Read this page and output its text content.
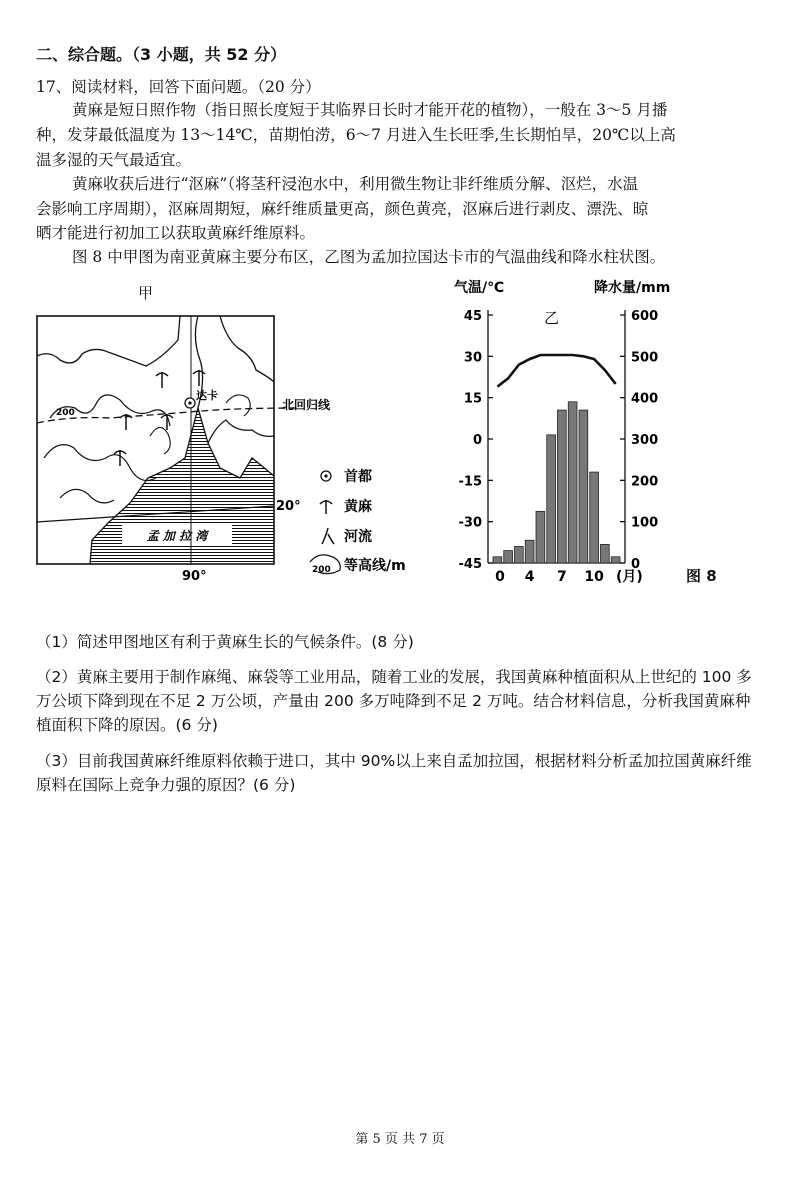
二、综合题。（3 小题，共 52 分）
17、阅读材料，回答下面问题。（20 分）
黄麻是短日照作物（指日照长度短于其临界日长时才能开花的植物），一般在 3～5 月播
种，发芽最低温度为 13～14℃，苗期怕涝，6～7 月进入生长旺季,生长期怕旱，20℃以上高
温多湿的天气最适宜。
黄麻收获后进行“沤麻”（将茎秆浸泡水中，利用微生物让非纤维质分解、沤烂，水温
会影响工序周期），沤麻周期短，麻纤维质量更高，颜色黄亮，沤麻后进行剥皮、漂洗、晾
晒才能进行初加工以获取黄麻纤维原料。
图 8 中甲图为南亚黄麻主要分布区，乙图为孟加拉国达卡市的气温曲线和降水柱状图。
甲
孟 加 拉 湾
北回归线
200
90°
20°
达卡
首都
黄麻
河流
200 等高线/m
气温/℃	降水量/mm
乙
45
30
15
0
-15
-30
-45
600
500
400
300
200
100
0
0 4 7 10 (月)	图 8
（1）简述甲图地区有利于黄麻生长的气候条件。(8 分)
（2）黄麻主要用于制作麻绳、麻袋等工业用品，随着工业的发展，我国黄麻种植面积从上世纪的 100 多万公顷下降到现在不足 2 万公顷，产量由 200 多万吨降到不足 2 万吨。结合材料信息，分析我国黄麻种植面积下降的原因。(6 分)
（3）目前我国黄麻纤维原料依赖于进口，其中 90%以上来自孟加拉国，根据材料分析孟加拉国黄麻纤维原料在国际上竞争力强的原因？(6 分)
第 5 页 共 7 页
